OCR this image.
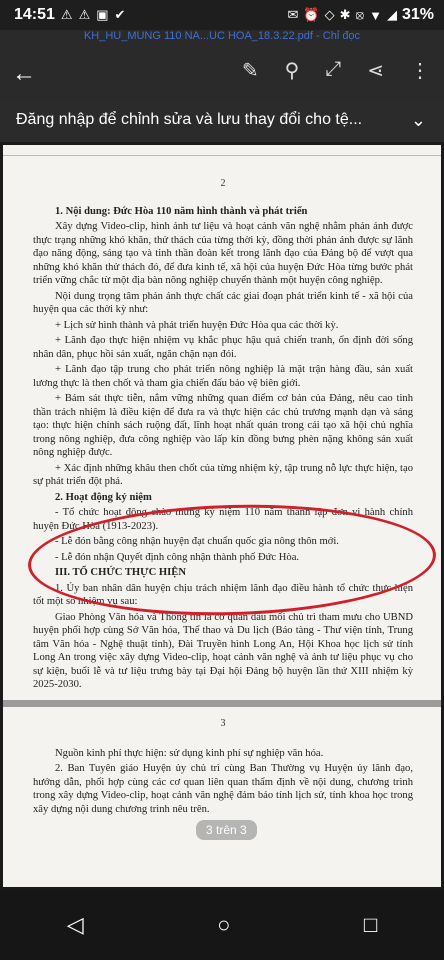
14:51 ⚠ ⚠ ▣ ✔	✉ ⏰ ◇ ✱ ⦻ ▼ ◢ 31%
KH_HU_MUNG 110 NA...UC HOA_18.3.22.pdf - Chỉ đọc
←	✎ ⚲ ⤢ ⋖ ⋮
Đăng nhập để chỉnh sửa và lưu thay đổi cho tệ...	⌄
2

1. Nội dung: Đức Hòa 110 năm hình thành và phát triển

Xây dựng Video-clip, hình ảnh tư liệu và hoạt cảnh văn nghệ nhằm phản ánh được thực trạng những khó khăn, thử thách của từng thời kỳ, đồng thời phản ánh được sự lãnh đạo năng động, sáng tạo và tinh thần đoàn kết trong lãnh đạo của Đảng bộ để vượt qua những khó khăn thử thách đó, để đưa kinh tế, xã hội của huyện Đức Hòa từng bước phát triển vững chắc từ một địa bàn nông nghiệp chuyển thành một huyện công nghiệp.

Nội dung trọng tâm phản ánh thực chất các giai đoạn phát triển kinh tế - xã hội của huyện qua các thời kỳ như:

+ Lịch sử hình thành và phát triển huyện Đức Hòa qua các thời kỳ.

+ Lãnh đạo thực hiện nhiệm vụ khắc phục hậu quả chiến tranh, ổn định đời sống nhân dân, phục hồi sản xuất, ngăn chặn nạn đói.

+ Lãnh đạo tập trung cho phát triển nông nghiệp là mặt trận hàng đầu, sản xuất lương thực là then chốt và tham gia chiến đấu bảo vệ biên giới.

+ Bám sát thực tiễn, nắm vững những quan điểm cơ bản của Đảng, nêu cao tinh thần trách nhiệm là điều kiện để đưa ra và thực hiện các chủ trương mạnh dạn và sáng tạo: thực hiện chính sách ruộng đất, lĩnh hoạt nhất quán trong cải tạo xã hội chủ nghĩa trong nông nghiệp, đưa công nghiệp vào lấp kín đồng bưng phèn nặng không sản xuất nông nghiệp được.

+ Xác định những khâu then chốt của từng nhiệm kỳ, tập trung nỗ lực thực hiện, tạo sự phát triển đột phá.

2. Hoạt động kỷ niệm

- Tổ chức hoạt động chào mừng kỷ niệm 110 năm thành lập đơn vị hành chính huyện Đức Hòa (1913-2023).

- Lễ đón bằng công nhận huyện đạt chuẩn quốc gia nông thôn mới.

- Lễ đón nhận Quyết định công nhận thành phố Đức Hòa.

III. TỔ CHỨC THỰC HIỆN

1. Ủy ban nhân dân huyện chịu trách nhiệm lãnh đạo điều hành tổ chức thực hiện tốt một số nhiệm vụ sau:

Giao Phòng Văn hóa và Thông tin là cơ quan đầu mối chủ trì tham mưu cho UBND huyện phối hợp cùng Sở Văn hóa, Thể thao và Du lịch (Báo tàng - Thư viện tỉnh, Trung tâm Văn hóa - Nghệ thuật tỉnh), Đài Truyền hình Long An, Hội Khoa học lịch sử tỉnh Long An trong việc xây dựng Video-clip, hoạt cảnh văn nghệ và ảnh tư liệu phục vụ cho sự kiện, buổi lễ và tư liệu trưng bày tại Đại hội Đảng bộ huyện lần thứ XIII nhiệm kỳ 2025-2030.

3

Nguồn kinh phí thực hiện: sử dụng kinh phí sự nghiệp văn hóa.

2. Ban Tuyên giáo Huyện ủy chủ trì cùng Ban Thường vụ Huyện ủy lãnh đạo, hướng dẫn, phối hợp cùng các cơ quan liên quan thẩm định về nội dung, chương trình trong xây dựng Video-clip, hoạt cảnh văn nghệ đảm bảo tính lịch sử, tính khoa học trong xây dựng nội dung chương trình nêu trên.

3 trên 3
◁	○	□
